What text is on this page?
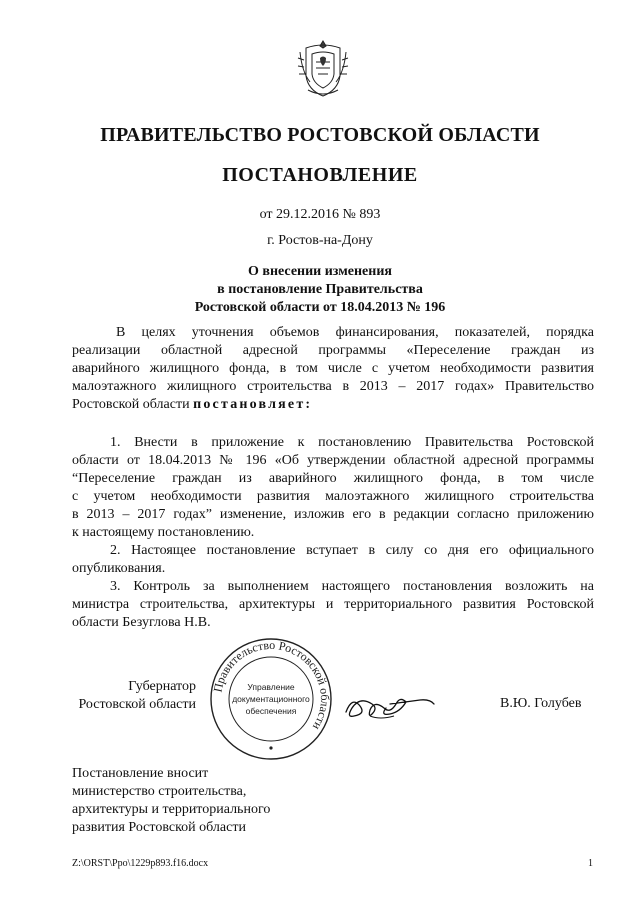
ПРАВИТЕЛЬСТВО РОСТОВСКОЙ ОБЛАСТИ
ПОСТАНОВЛЕНИЕ
от 29.12.2016 № 893
г. Ростов-на-Дону
О внесении изменения
в постановление Правительства
Ростовской области от 18.04.2013 № 196
В целях уточнения объемов финансирования, показателей, порядка
реализации областной адресной программы «Переселение граждан из
аварийного жилищного фонда, в том числе с учетом необходимости развития
малоэтажного жилищного строительства в 2013 – 2017 годах» Правительство
Ростовской области постановляет:
1. Внести в приложение к постановлению Правительства Ростовской
области от 18.04.2013 № 196 «Об утверждении областной адресной программы
“Переселение граждан из аварийного жилищного фонда, в том числе
с учетом необходимости развития малоэтажного жилищного строительства
в 2013 – 2017 годах” изменение, изложив его в редакции согласно приложению
к настоящему постановлению.
2. Настоящее постановление вступает в силу со дня его официального
опубликования.
3. Контроль за выполнением настоящего постановления возложить на
министра строительства, архитектуры и территориального развития Ростовской
области Безуглова Н.В.
Губернатор
Ростовской области
Правительство Ростовской области
Управление
документационного
обеспечения	В.Ю. Голубев
Постановление вносит
министерство строительства,
архитектуры и территориального
развития Ростовской области
Z:\ORST\Ppo\1229p893.f16.docx	1
